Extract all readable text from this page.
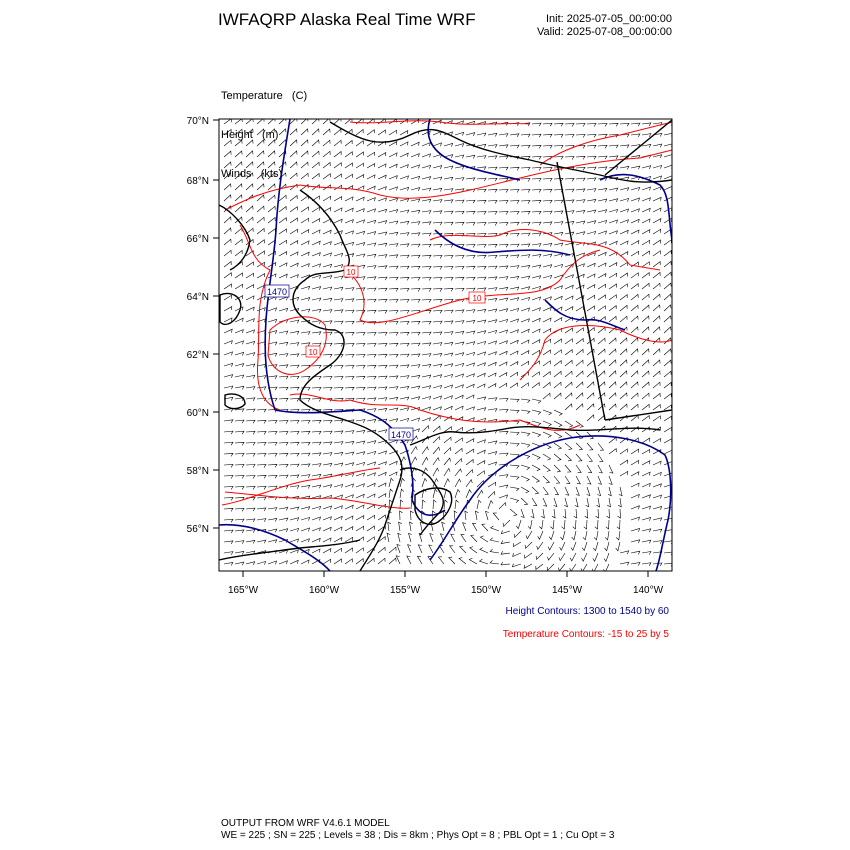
IWFAQRP Alaska Real Time WRF	Init: 2025-07-05_00:00:00
Valid: 2025-07-08_00:00:00

Temperature   (C)

Height   (m)

Winds   (kts)

1470
1470
10
10
10
70°N
68°N
66°N
64°N
62°N
60°N
58°N
56°N
165°W	160°W	155°W	150°W	145°W	140°W
Height Contours: 1300 to 1540 by 60
Temperature Contours: -15 to 25 by 5
OUTPUT FROM WRF V4.6.1 MODEL
WE = 225 ; SN = 225 ; Levels = 38 ; Dis = 8km ; Phys Opt = 8 ; PBL Opt = 1 ; Cu Opt = 3
